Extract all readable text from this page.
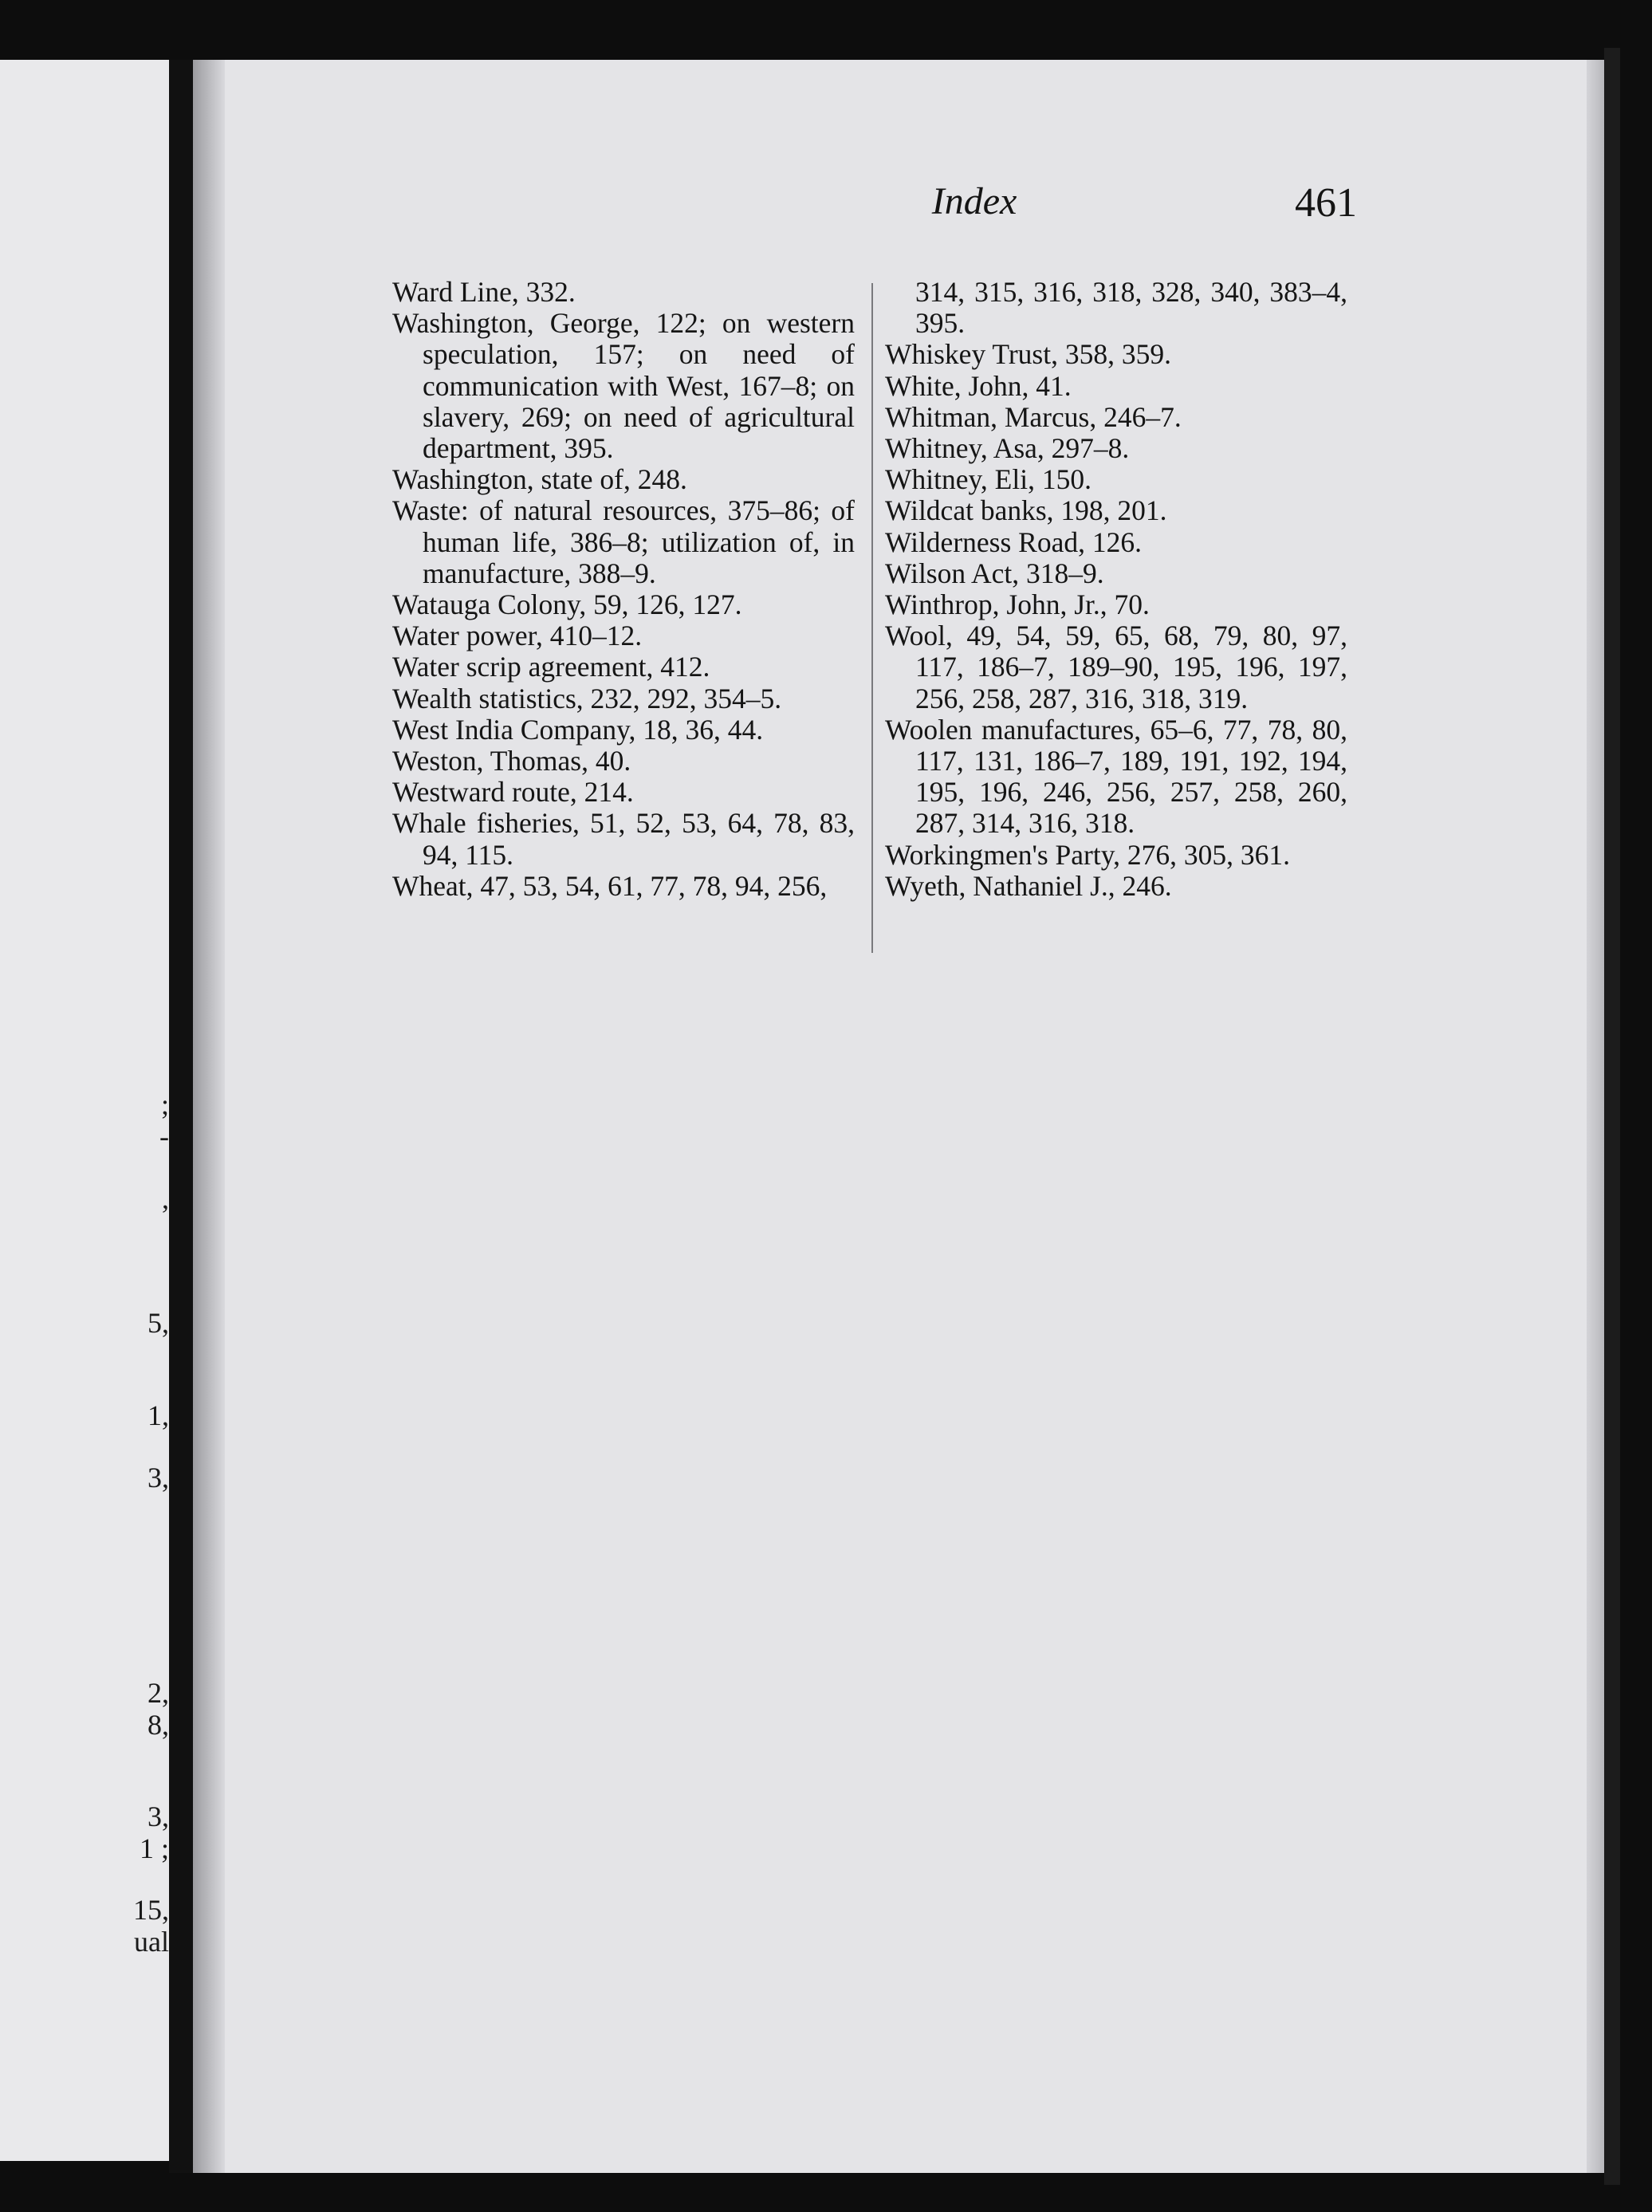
;
-
,
5,
1,
3,
2,
8,
3,
1 ;
15,
ual
Index	461

Ward Line, 332.

Washington, George, 122; on western speculation, 157; on need of communication with West, 167–8; on slavery, 269; on need of agricultural department, 395.

Washington, state of, 248.

Waste: of natural resources, 375–86; of human life, 386–8; utilization of, in manufacture, 388–9.

Watauga Colony, 59, 126, 127.

Water power, 410–12.

Water scrip agreement, 412.

Wealth statistics, 232, 292, 354–5.

West India Company, 18, 36, 44.

Weston, Thomas, 40.

Westward route, 214.

Whale fisheries, 51, 52, 53, 64, 78, 83, 94, 115.

Wheat, 47, 53, 54, 61, 77, 78, 94, 256,

314, 315, 316, 318, 328, 340, 383–4, 395.

Whiskey Trust, 358, 359.

White, John, 41.

Whitman, Marcus, 246–7.

Whitney, Asa, 297–8.

Whitney, Eli, 150.

Wildcat banks, 198, 201.

Wilderness Road, 126.

Wilson Act, 318–9.

Winthrop, John, Jr., 70.

Wool, 49, 54, 59, 65, 68, 79, 80, 97, 117, 186–7, 189–90, 195, 196, 197, 256, 258, 287, 316, 318, 319.

Woolen manufactures, 65–6, 77, 78, 80, 117, 131, 186–7, 189, 191, 192, 194, 195, 196, 246, 256, 257, 258, 260, 287, 314, 316, 318.

Workingmen's Party, 276, 305, 361.

Wyeth, Nathaniel J., 246.
